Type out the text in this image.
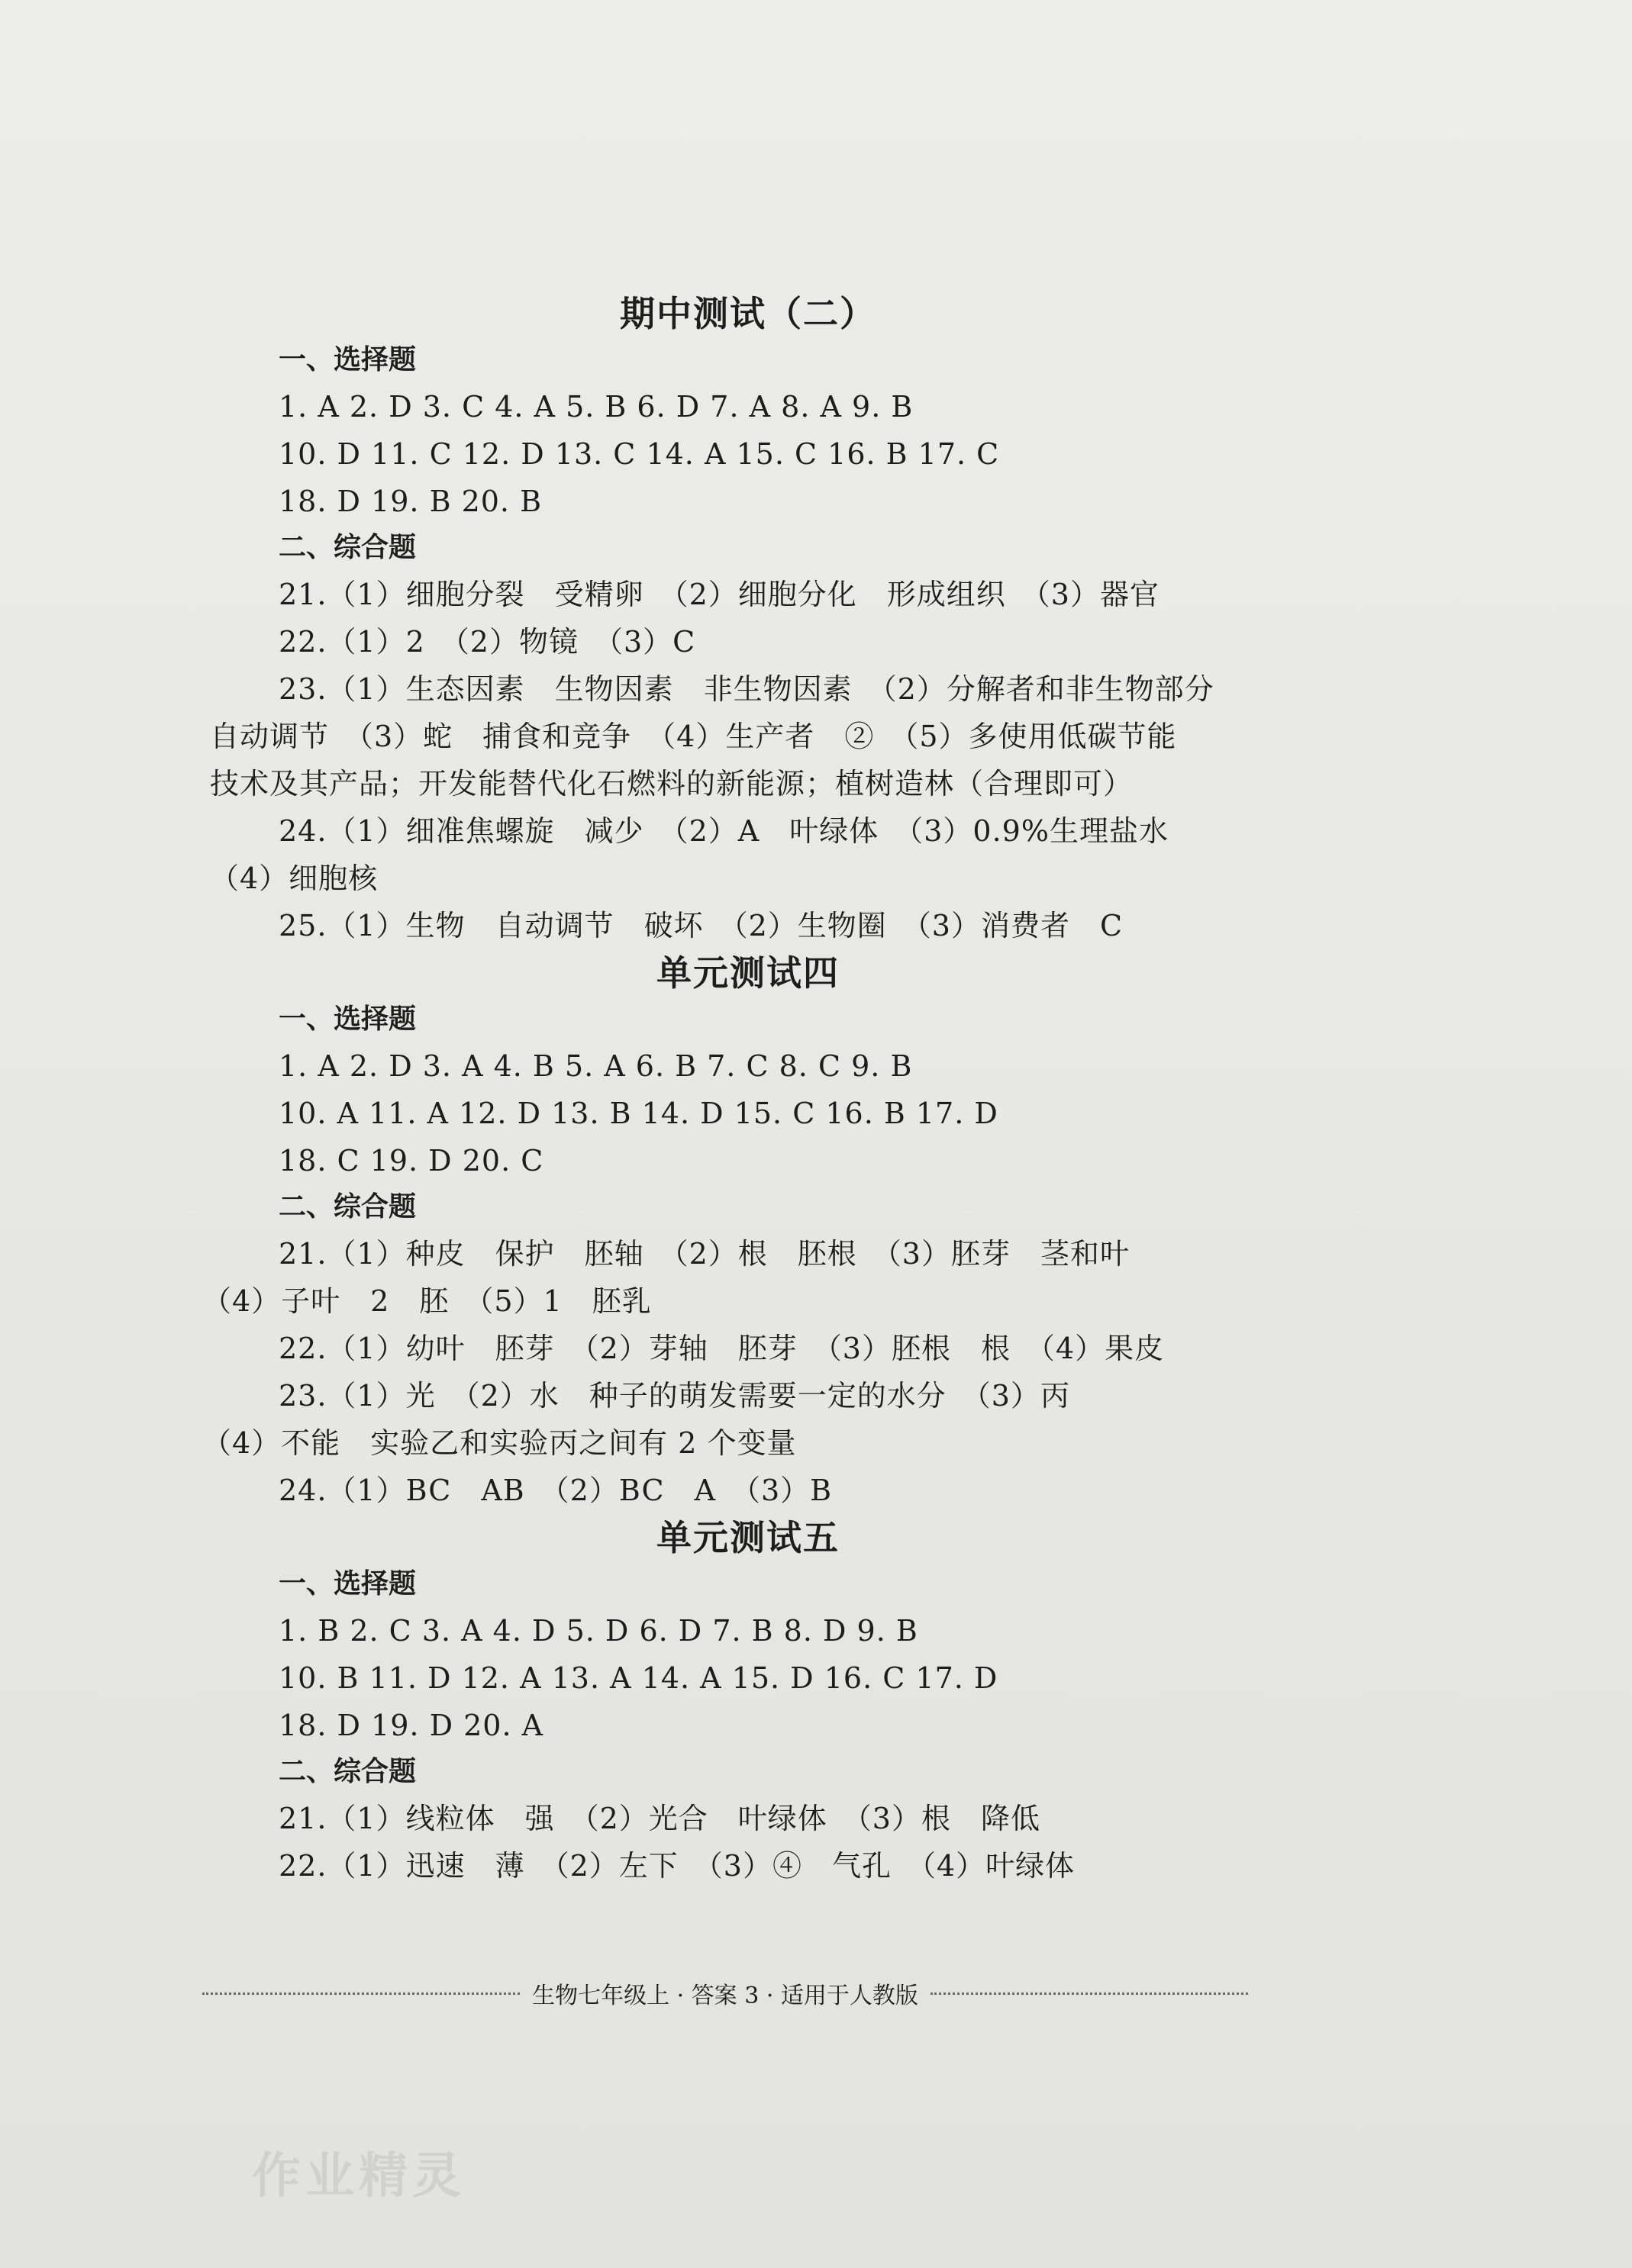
期中测试（二）
一、选择题
1. A 2. D 3. C 4. A 5. B 6. D 7. A 8. A 9. B
10. D 11. C 12. D 13. C 14. A 15. C 16. B 17. C
18. D 19. B 20. B
二、综合题
21.（1）细胞分裂　受精卵　（2）细胞分化　形成组织　（3）器官
22.（1）2　（2）物镜　（3）C
23.（1）生态因素　生物因素　非生物因素　（2）分解者和非生物部分
自动调节　（3）蛇　捕食和竞争　（4）生产者　②　（5）多使用低碳节能
技术及其产品；开发能替代化石燃料的新能源；植树造林（合理即可）
24.（1）细准焦螺旋　减少　（2）A　叶绿体　（3）0.9%生理盐水
（4）细胞核
25.（1）生物　自动调节　破坏　（2）生物圈　（3）消费者　C
单元测试四
一、选择题
1. A 2. D 3. A 4. B 5. A 6. B 7. C 8. C 9. B
10. A 11. A 12. D 13. B 14. D 15. C 16. B 17. D
18. C 19. D 20. C
二、综合题
21.（1）种皮　保护　胚轴　（2）根　胚根　（3）胚芽　茎和叶
（4）子叶　2　胚　（5）1　胚乳
22.（1）幼叶　胚芽　（2）芽轴　胚芽　（3）胚根　根　（4）果皮
23.（1）光　（2）水　种子的萌发需要一定的水分　（3）丙
（4）不能　实验乙和实验丙之间有 2 个变量
24.（1）BC　AB　（2）BC　A　（3）B
单元测试五
一、选择题
1. B 2. C 3. A 4. D 5. D 6. D 7. B 8. D 9. B
10. B 11. D 12. A 13. A 14. A 15. D 16. C 17. D
18. D 19. D 20. A
二、综合题
21.（1）线粒体　强　（2）光合　叶绿体　（3）根　降低
22.（1）迅速　薄　（2）左下　（3）④　气孔　（4）叶绿体
生物七年级上 · 答案 3 · 适用于人教版
作业精灵
